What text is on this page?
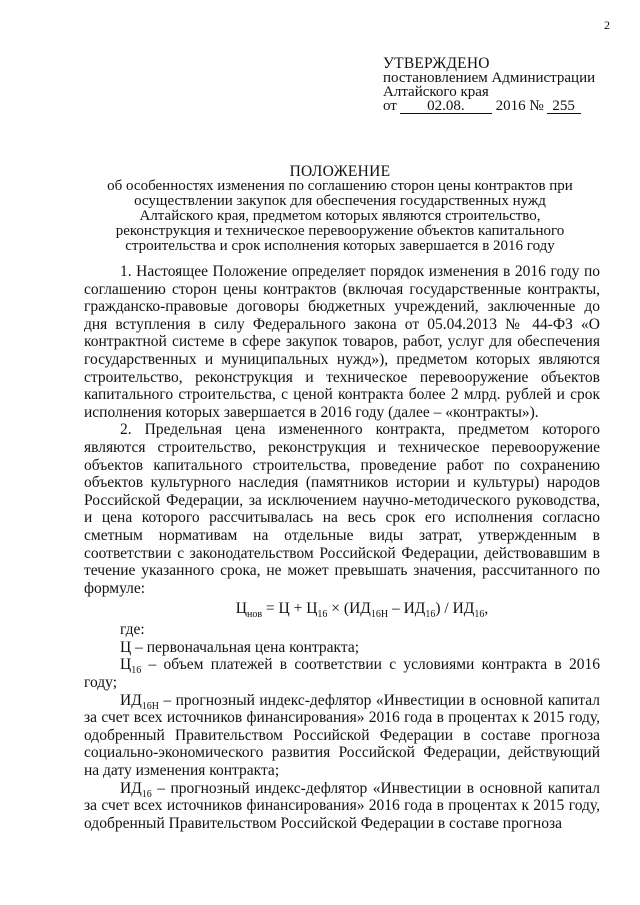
2
УТВЕРЖДЕНО
постановлением Администрации
Алтайского края
от 02.08. 2016 № 255
ПОЛОЖЕНИЕ
об особенностях изменения по соглашению сторон цены контрактов при осуществлении закупок для обеспечения государственных нужд Алтайского края, предметом которых являются строительство, реконструкция и техническое перевооружение объектов капитального строительства и срок исполнения которых завершается в 2016 году

1. Настоящее Положение определяет порядок изменения в 2016 году по соглашению сторон цены контрактов (включая государственные контракты, гражданско-правовые договоры бюджетных учреждений, заключенные до дня вступления в силу Федерального закона от 05.04.2013 № 44-ФЗ «О контрактной системе в сфере закупок товаров, работ, услуг для обеспечения государственных и муниципальных нужд»), предметом которых являются строительство, реконструкция и техническое перевооружение объектов капитального строительства, с ценой контракта более 2 млрд. рублей и срок исполнения которых завершается в 2016 году (далее – «контракты»).

2. Предельная цена измененного контракта, предметом которого являются строительство, реконструкция и техническое перевооружение объектов капитального строительства, проведение работ по сохранению объектов культурного наследия (памятников истории и культуры) народов Российской Федерации, за исключением научно-методического руководства, и цена которого рассчитывалась на весь срок его исполнения согласно сметным нормативам на отдельные виды затрат, утвержденным в соответствии с законодательством Российской Федерации, действовавшим в течение указанного срока, не может превышать значения, рассчитанного по формуле:

$Ц_{нов} = Ц + Ц_{16} \times (ИД_{16Н} - ИД_{16}) / ИД_{16}$,

где:

Ц – первоначальная цена контракта;

$Ц_{16}$ – объем платежей в соответствии с условиями контракта в 2016 году;

$ИД_{16Н}$ – прогнозный индекс-дефлятор «Инвестиции в основной капитал за счет всех источников финансирования» 2016 года в процентах к 2015 году, одобренный Правительством Российской Федерации в составе прогноза социально-экономического развития Российской Федерации, действующий на дату изменения контракта;

$ИД_{16}$ – прогнозный индекс-дефлятор «Инвестиции в основной капитал за счет всех источников финансирования» 2016 года в процентах к 2015 году, одобренный Правительством Российской Федерации в составе прогноза
